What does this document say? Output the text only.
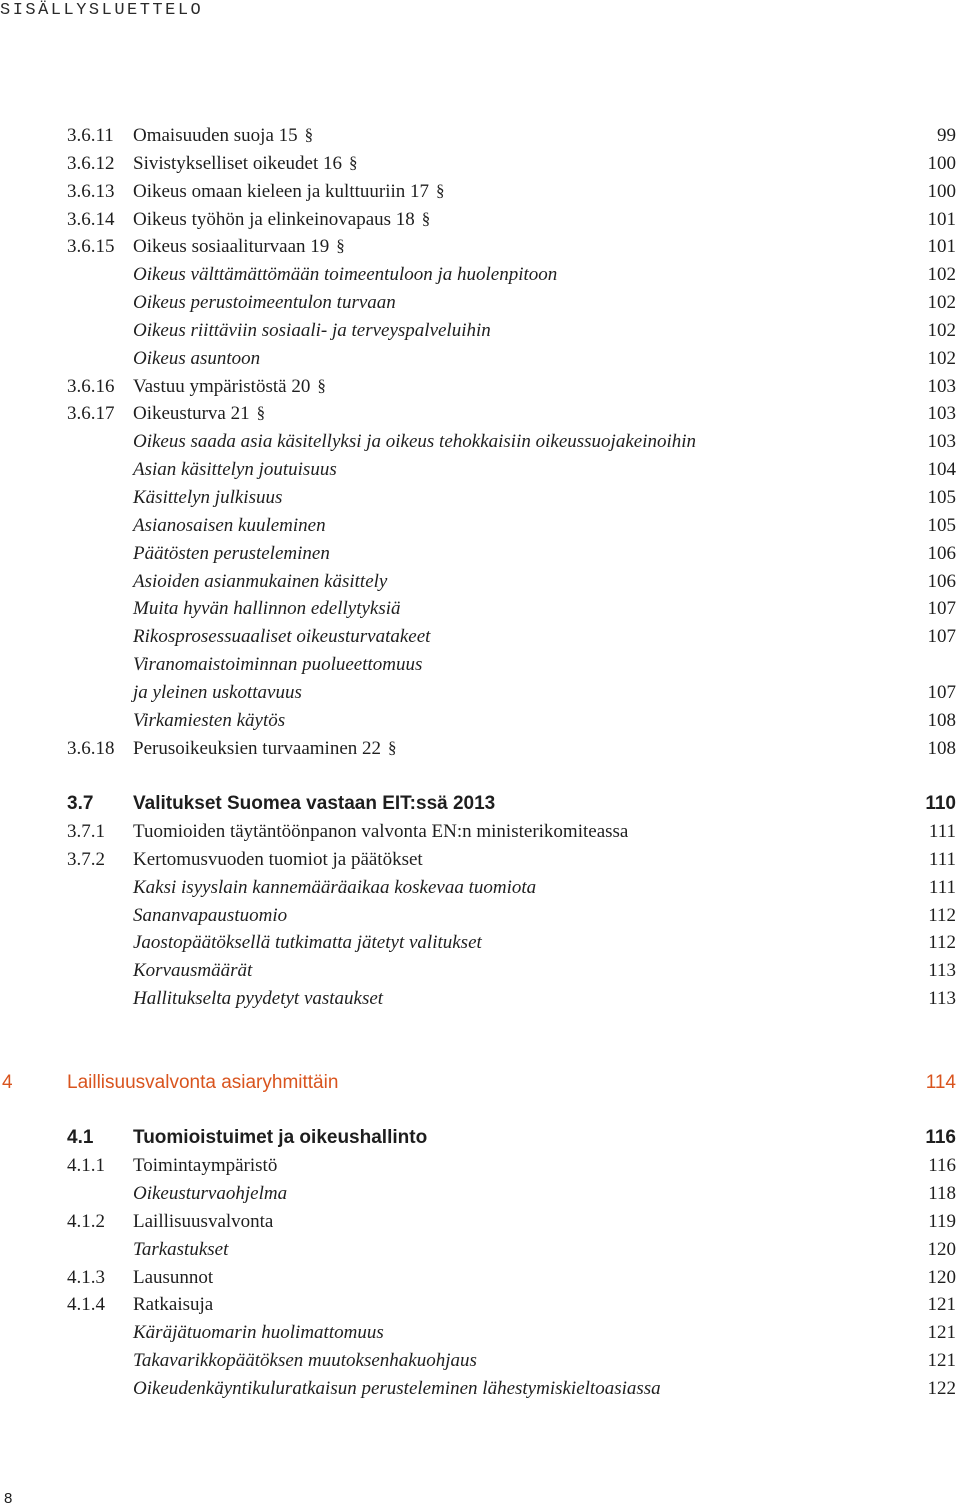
SISÄLLYSLUETTELO
3.6.11 Omaisuuden suoja 15 §	99
3.6.12 Sivistykselliset oikeudet 16 §	100
3.6.13 Oikeus omaan kieleen ja kulttuuriin 17 §	100
3.6.14 Oikeus työhön ja elinkeinovapaus 18 §	101
3.6.15 Oikeus sosiaaliturvaan 19 §	101
Oikeus välttämättömään toimeentuloon ja huolenpitoon	102
Oikeus perustoimeentulon turvaan	102
Oikeus riittäviin sosiaali- ja terveyspalveluihin	102
Oikeus asuntoon	102
3.6.16 Vastuu ympäristöstä 20 §	103
3.6.17 Oikeusturva 21 §	103
Oikeus saada asia käsitellyksi ja oikeus tehokkaisiin oikeussuojakeinoihin	103
Asian käsittelyn joutuisuus	104
Käsittelyn julkisuus	105
Asianosaisen kuuleminen	105
Päätösten perusteleminen	106
Asioiden asianmukainen käsittely	106
Muita hyvän hallinnon edellytyksiä	107
Rikosprosessuaaliset oikeusturvatakeet	107
Viranomaistoiminnan puolueettomuus
ja yleinen uskottavuus	107
Virkamiesten käytös	108
3.6.18 Perusoikeuksien turvaaminen 22 §	108
3.7 Valitukset Suomea vastaan EIT:ssä 2013	110
3.7.1 Tuomioiden täytäntöönpanon valvonta EN:n ministerikomiteassa	111
3.7.2 Kertomusvuoden tuomiot ja päätökset	111
Kaksi isyyslain kannemääräaikaa koskevaa tuomiota	111
Sananvapaustuomio	112
Jaostopäätöksellä tutkimatta jätetyt valitukset	112
Korvausmäärät	113
Hallitukselta pyydetyt vastaukset	113
4	Laillisuusvalvonta asiaryhmittäin	114
4.1 Tuomioistuimet ja oikeushallinto	116
4.1.1 Toimintaympäristö	116
Oikeusturvaohjelma	118
4.1.2 Laillisuusvalvonta	119
Tarkastukset	120
4.1.3 Lausunnot	120
4.1.4 Ratkaisuja	121
Käräjätuomarin huolimattomuus	121
Takavarikkopäätöksen muutoksenhakuohjaus	121
Oikeudenkäyntikuluratkaisun perusteleminen lähestymiskieltoasiassa	122
8
